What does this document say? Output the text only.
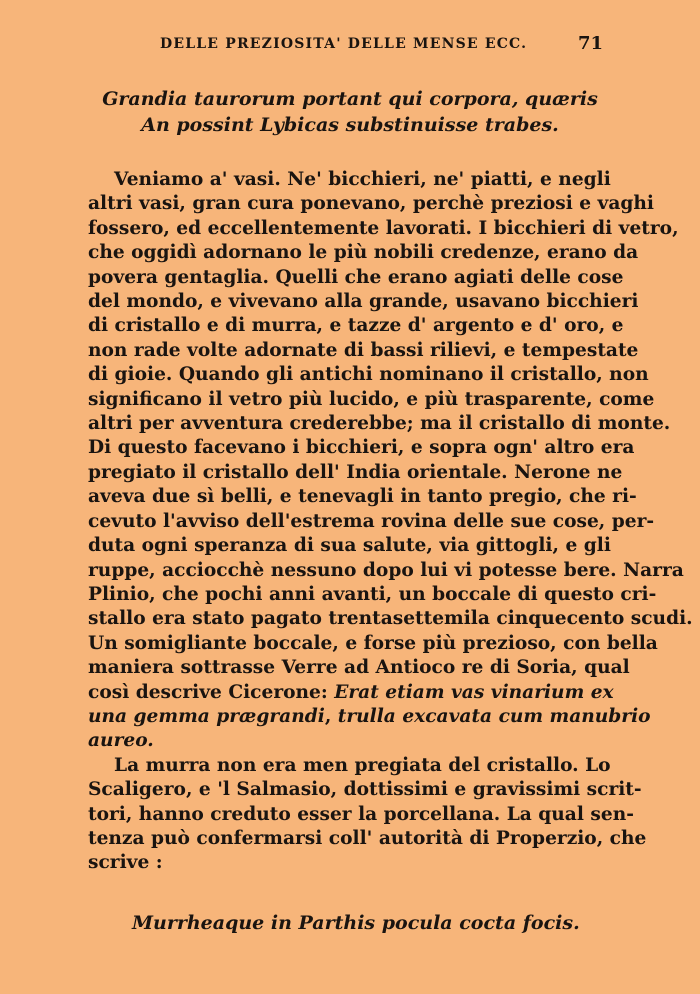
DELLE PREZIOSITA' DELLE MENSE ECC.	71
Grandia taurorum portant qui corpora, quæris
An possint Lybicas substinuisse trabes.
Veniamo a' vasi. Ne' bicchieri, ne' piatti, e negli
altri vasi, gran cura ponevano, perchè preziosi e vaghi
fossero, ed eccellentemente lavorati. I bicchieri di vetro,
che oggidì adornano le più nobili credenze, erano da
povera gentaglia. Quelli che erano agiati delle cose
del mondo, e vivevano alla grande, usavano bicchieri
di cristallo e di murra, e tazze d' argento e d' oro, e
non rade volte adornate di bassi rilievi, e tempestate
di gioie. Quando gli antichi nominano il cristallo, non
significano il vetro più lucido, e più trasparente, come
altri per avventura crederebbe; ma il cristallo di monte.
Di questo facevano i bicchieri, e sopra ogn' altro era
pregiato il cristallo dell' India orientale. Nerone ne
aveva due sì belli, e tenevagli in tanto pregio, che ri-
cevuto l'avviso dell'estrema rovina delle sue cose, per-
duta ogni speranza di sua salute, via gittogli, e gli
ruppe, acciocchè nessuno dopo lui vi potesse bere. Narra
Plinio, che pochi anni avanti, un boccale di questo cri-
stallo era stato pagato trentasettemila cinquecento scudi.
Un somigliante boccale, e forse più prezioso, con bella
maniera sottrasse Verre ad Antioco re di Soria, qual
così descrive Cicerone: Erat etiam vas vinarium ex
una gemma prægrandi, trulla excavata cum manubrio
aureo.
La murra non era men pregiata del cristallo. Lo
Scaligero, e 'l Salmasio, dottissimi e gravissimi scrit-
tori, hanno creduto esser la porcellana. La qual sen-
tenza può confermarsi coll' autorità di Properzio, che
scrive :
Murrheaque in Parthis pocula cocta focis.
